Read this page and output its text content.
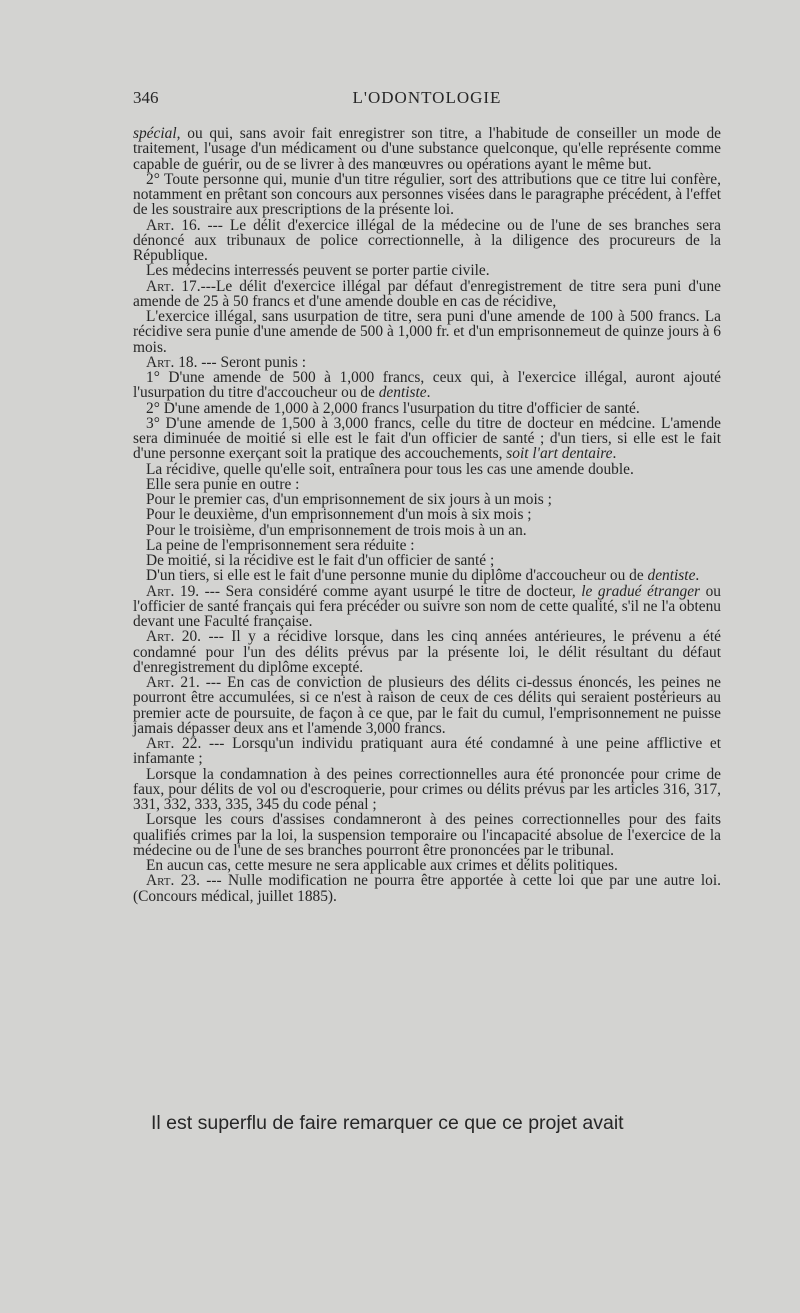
346	L'ODONTOLOGIE

spécial, ou qui, sans avoir fait enregistrer son titre, a l'habitude de conseiller un mode de traitement, l'usage d'un médicament ou d'une substance quelconque, qu'elle représente comme capable de guérir, ou de se livrer à des manœuvres ou opérations ayant le même but.

2° Toute personne qui, munie d'un titre régulier, sort des attributions que ce titre lui confère, notamment en prêtant son concours aux personnes visées dans le paragraphe précédent, à l'effet de les soustraire aux prescriptions de la présente loi.

Art. 16. --- Le délit d'exercice illégal de la médecine ou de l'une de ses branches sera dénoncé aux tribunaux de police correctionnelle, à la diligence des procureurs de la République.

Les médecins interressés peuvent se porter partie civile.

Art. 17.---Le délit d'exercice illégal par défaut d'enregistrement de titre sera puni d'une amende de 25 à 50 francs et d'une amende double en cas de récidive,

L'exercice illégal, sans usurpation de titre, sera puni d'une amende de 100 à 500 francs. La récidive sera punie d'une amende de 500 à 1,000 fr. et d'un emprisonnemeut de quinze jours à 6 mois.

Art. 18. --- Seront punis :

1° D'une amende de 500 à 1,000 francs, ceux qui, à l'exercice illégal, auront ajouté l'usurpation du titre d'accoucheur ou de dentiste.

2° D'une amende de 1,000 à 2,000 francs l'usurpation du titre d'officier de santé.

3° D'une amende de 1,500 à 3,000 francs, celle du titre de docteur en médcine. L'amende sera diminuée de moitié si elle est le fait d'un officier de santé ; d'un tiers, si elle est le fait d'une personne exerçant soit la pratique des accouchements, soit l'art dentaire.

La récidive, quelle qu'elle soit, entraînera pour tous les cas une amende double.

Elle sera punie en outre :

Pour le premier cas, d'un emprisonnement de six jours à un mois ;

Pour le deuxième, d'un emprisonnement d'un mois à six mois ;

Pour le troisième, d'un emprisonnement de trois mois à un an.

La peine de l'emprisonnement sera réduite :

De moitié, si la récidive est le fait d'un officier de santé ;

D'un tiers, si elle est le fait d'une personne munie du diplôme d'accoucheur ou de dentiste.

Art. 19. --- Sera considéré comme ayant usurpé le titre de docteur, le gradué étranger ou l'officier de santé français qui fera précéder ou suivre son nom de cette qualité, s'il ne l'a obtenu devant une Faculté française.

Art. 20. --- Il y a récidive lorsque, dans les cinq années antérieures, le prévenu a été condamné pour l'un des délits prévus par la présente loi, le délit résultant du défaut d'enregistrement du diplôme excepté.

Art. 21. --- En cas de conviction de plusieurs des délits ci-dessus énoncés, les peines ne pourront être accumulées, si ce n'est à raison de ceux de ces délits qui seraient postérieurs au premier acte de poursuite, de façon à ce que, par le fait du cumul, l'emprisonnement ne puisse jamais dépasser deux ans et l'amende 3,000 francs.

Art. 22. --- Lorsqu'un individu pratiquant aura été condamné à une peine afflictive et infamante ;

Lorsque la condamnation à des peines correctionnelles aura été prononcée pour crime de faux, pour délits de vol ou d'escroquerie, pour crimes ou délits prévus par les articles 316, 317, 331, 332, 333, 335, 345 du code pénal ;

Lorsque les cours d'assises condamneront à des peines correctionnelles pour des faits qualifiés crimes par la loi, la suspension temporaire ou l'incapacité absolue de l'exercice de la médecine ou de l'une de ses branches pourront être prononcées par le tribunal.

En aucun cas, cette mesure ne sera applicable aux crimes et délits politiques.

Art. 23. --- Nulle modification ne pourra être apportée à cette loi que par une autre loi. (Concours médical, juillet 1885).

Il est superflu de faire remarquer ce que ce projet avait
